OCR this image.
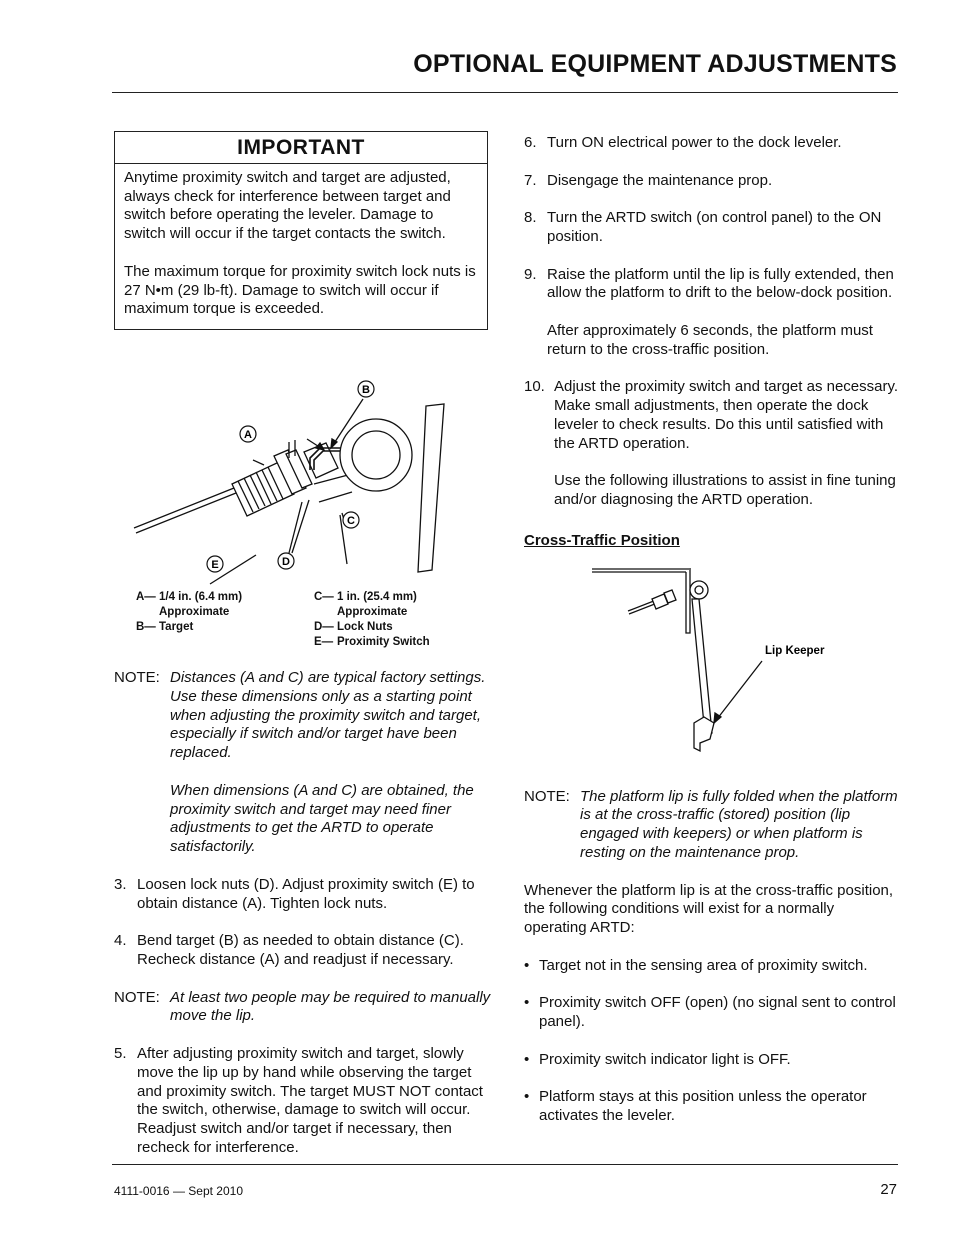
OPTIONAL EQUIPMENT ADJUSTMENTS
IMPORTANT

Anytime proximity switch and target are adjusted, always check for interference between target and switch before operating the leveler. Damage to switch will occur if the target contacts the switch.

The maximum torque for proximity switch lock nuts is 27 N•m (29 lb-ft). Damage to switch will occur if maximum torque is exceeded.

A
B
C
D
E
A— 1/4 in. (6.4 mm)
Approximate
B— Target
C— 1 in. (25.4 mm)
Approximate
D— Lock Nuts
E— Proximity Switch
NOTE: Distances (A and C) are typical factory settings. Use these dimensions only as a starting point when adjusting the proximity switch and target, especially if switch and/or target have been replaced.

When dimensions (A and C) are obtained, the proximity switch and target may need finer adjustments to get the ARTD to operate satisfactorily.

3. Loosen lock nuts (D). Adjust proximity switch (E) to obtain distance (A). Tighten lock nuts.
4. Bend target (B) as needed to obtain distance (C). Recheck distance (A) and readjust if necessary.
NOTE: At least two people may be required to manually move the lip.
5. After adjusting proximity switch and target, slowly move the lip up by hand while observing the target and proximity switch. The target MUST NOT contact the switch, otherwise, damage to switch will occur. Readjust switch and/or target if necessary, then recheck for interference.
6. Turn ON electrical power to the dock leveler.
7. Disengage the maintenance prop.
8. Turn the ARTD switch (on control panel) to the ON position.
9. Raise the platform until the lip is fully extended, then allow the platform to drift to the below-dock position.

After approximately 6 seconds, the platform must return to the cross-traffic position.

10. Adjust the proximity switch and target as necessary. Make small adjustments, then operate the dock leveler to check results. Do this until satisfied with the ARTD operation.

Use the following illustrations to assist in fine tuning and/or diagnosing the ARTD operation.

Cross-Traffic Position
Lip Keeper
NOTE: The platform lip is fully folded when the platform is at the cross-traffic (stored) position (lip engaged with keepers) or when platform is resting on the maintenance prop.
Whenever the platform lip is at the cross-traffic position, the following conditions will exist for a normally operating ARTD:
• Target not in the sensing area of proximity switch.
• Proximity switch OFF (open) (no signal sent to control panel).
• Proximity switch indicator light is OFF.
• Platform stays at this position unless the operator activates the leveler.
4111-0016 — Sept 2010	27
